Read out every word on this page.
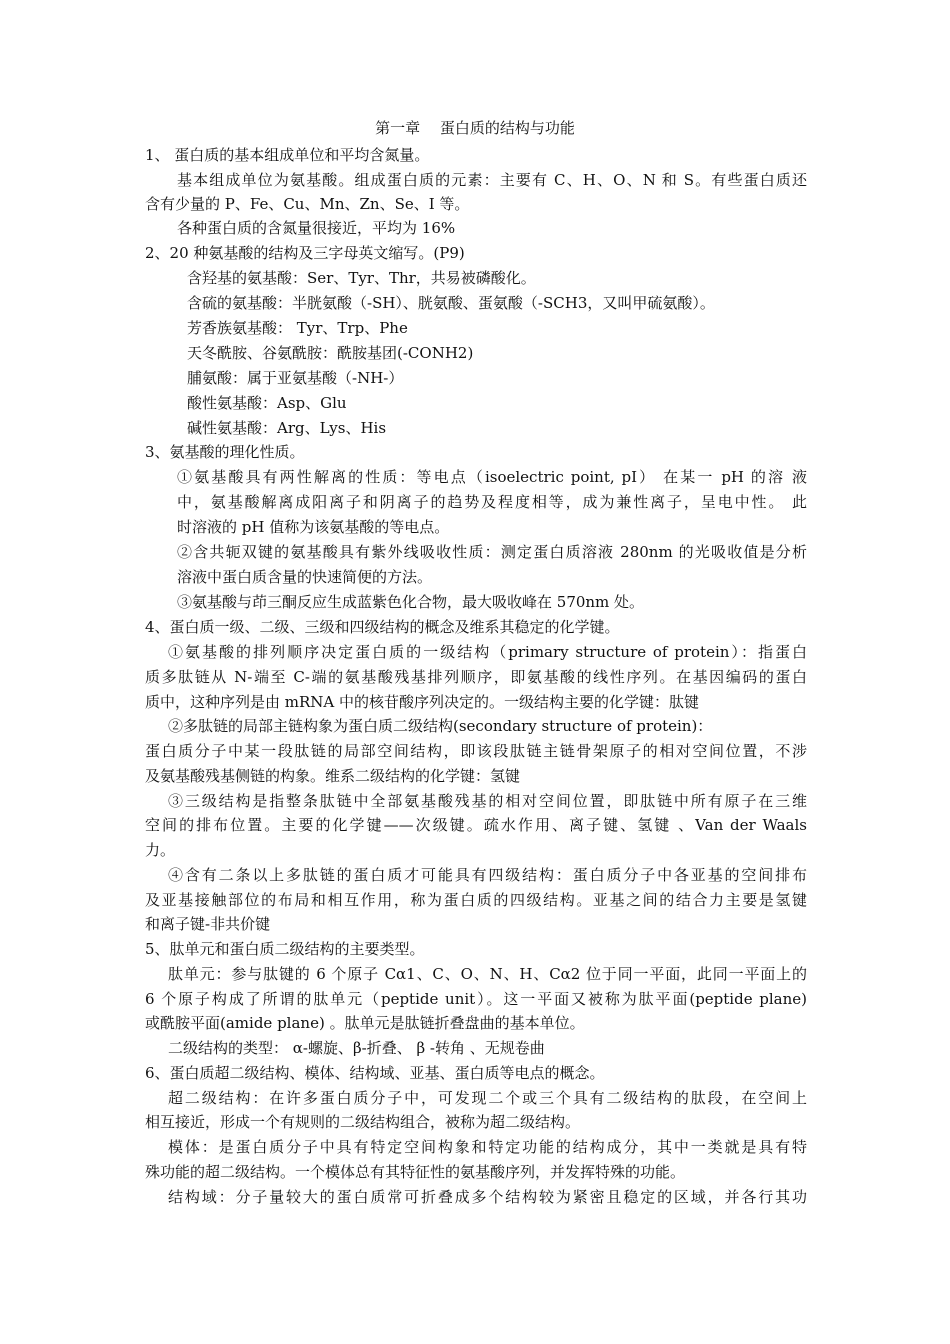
第一章　 蛋白质的结构与功能
1、 蛋白质的基本组成单位和平均含氮量。
基本组成单位为氨基酸。组成蛋白质的元素：主要有 C、H、O、N 和 S。有些蛋白质还
含有少量的 P、Fe、Cu、Mn、Zn、Se、I 等。
各种蛋白质的含氮量很接近，平均为 16%
2、20 种氨基酸的结构及三字母英文缩写。(P9)
含羟基的氨基酸：Ser、Tyr、Thr，共易被磷酸化。
含硫的氨基酸：半胱氨酸（-SH）、胱氨酸、蛋氨酸（-SCH3，又叫甲硫氨酸）。
芳香族氨基酸： Tyr、Trp、Phe
天冬酰胺、谷氨酰胺：酰胺基团(-CONH2)
脯氨酸：属于亚氨基酸（-NH-）
酸性氨基酸：Asp、Glu
碱性氨基酸：Arg、Lys、His
3、氨基酸的理化性质。
①氨基酸具有两性解离的性质：等电点（isoelectric point, pI） 在某一 pH 的溶 液
中，氨基酸解离成阳离子和阴离子的趋势及程度相等，成为兼性离子，呈电中性。 此
时溶液的 pH 值称为该氨基酸的等电点。
②含共轭双键的氨基酸具有紫外线吸收性质：测定蛋白质溶液 280nm 的光吸收值是分析
溶液中蛋白质含量的快速简便的方法。
③氨基酸与茚三酮反应生成蓝紫色化合物，最大吸收峰在 570nm 处。
4、蛋白质一级、二级、三级和四级结构的概念及维系其稳定的化学键。
①氨基酸的排列顺序决定蛋白质的一级结构（primary structure of protein）：指蛋白
质多肽链从 N-端至 C-端的氨基酸残基排列顺序，即氨基酸的线性序列。在基因编码的蛋白
质中，这种序列是由 mRNA 中的核苷酸序列决定的。一级结构主要的化学键：肽键
②多肽链的局部主链构象为蛋白质二级结构(secondary structure of protein)：
蛋白质分子中某一段肽链的局部空间结构，即该段肽链主链骨架原子的相对空间位置，不涉
及氨基酸残基侧链的构象。维系二级结构的化学键：氢键
③三级结构是指整条肽链中全部氨基酸残基的相对空间位置，即肽链中所有原子在三维
空间的排布位置。主要的化学键——次级键。疏水作用、离子键、氢键 、Van der Waals
力。
④含有二条以上多肽链的蛋白质才可能具有四级结构：蛋白质分子中各亚基的空间排布
及亚基接触部位的布局和相互作用，称为蛋白质的四级结构。亚基之间的结合力主要是氢键
和离子键-非共价键
5、肽单元和蛋白质二级结构的主要类型。
肽单元：参与肽键的 6 个原子 Cα1、C、O、N、H、Cα2 位于同一平面，此同一平面上的
6 个原子构成了所谓的肽单元（peptide unit）。这一平面又被称为肽平面(peptide plane)
或酰胺平面(amide plane) 。肽单元是肽链折叠盘曲的基本单位。
二级结构的类型： α-螺旋、β-折叠、 β -转角 、无规卷曲
6、蛋白质超二级结构、模体、结构域、亚基、蛋白质等电点的概念。
超二级结构：在许多蛋白质分子中，可发现二个或三个具有二级结构的肽段，在空间上
相互接近，形成一个有规则的二级结构组合，被称为超二级结构。
模体：是蛋白质分子中具有特定空间构象和特定功能的结构成分，其中一类就是具有特
殊功能的超二级结构。一个模体总有其特征性的氨基酸序列，并发挥特殊的功能。
结构域：分子量较大的蛋白质常可折叠成多个结构较为紧密且稳定的区域，并各行其功
